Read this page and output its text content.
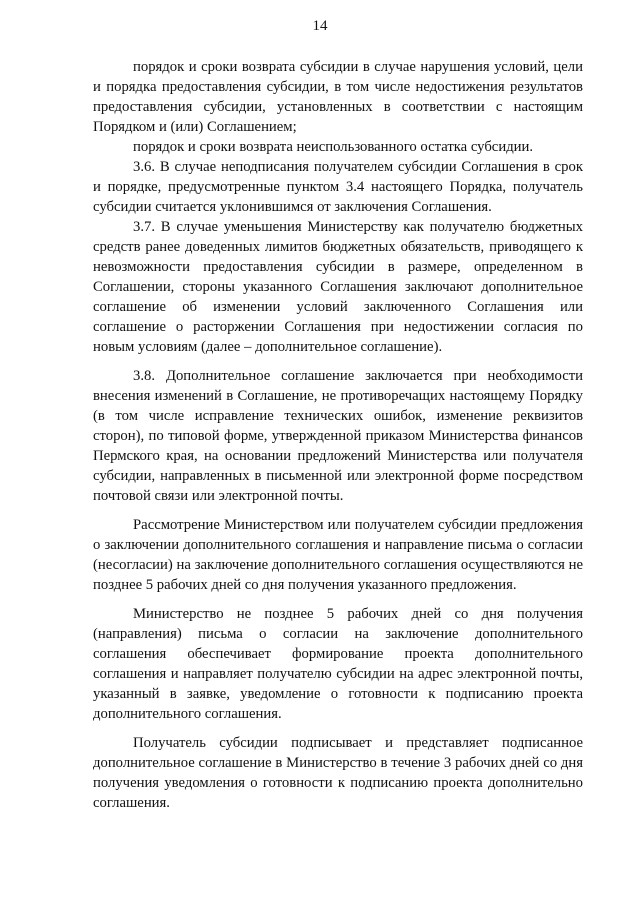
14

порядок и сроки возврата субсидии в случае нарушения условий, цели и порядка предоставления субсидии, в том числе недостижения результатов предоставления субсидии, установленных в соответствии с настоящим Порядком и (или) Соглашением;

порядок и сроки возврата неиспользованного остатка субсидии.

3.6. В случае неподписания получателем субсидии Соглашения в срок и порядке, предусмотренные пунктом 3.4 настоящего Порядка, получатель субсидии считается уклонившимся от заключения Соглашения.

3.7. В случае уменьшения Министерству как получателю бюджетных средств ранее доведенных лимитов бюджетных обязательств, приводящего к невозможности предоставления субсидии в размере, определенном в Соглашении, стороны указанного Соглашения заключают дополнительное соглашение об изменении условий заключенного Соглашения или соглашение о расторжении Соглашения при недостижении согласия по новым условиям (далее – дополнительное соглашение).

3.8. Дополнительное соглашение заключается при необходимости внесения изменений в Соглашение, не противоречащих настоящему Порядку (в том числе исправление технических ошибок, изменение реквизитов сторон), по типовой форме, утвержденной приказом Министерства финансов Пермского края, на основании предложений Министерства или получателя субсидии, направленных в письменной или электронной форме посредством почтовой связи или электронной почты.

Рассмотрение Министерством или получателем субсидии предложения о заключении дополнительного соглашения и направление письма о согласии (несогласии) на заключение дополнительного соглашения осуществляются не позднее 5 рабочих дней со дня получения указанного предложения.

Министерство не позднее 5 рабочих дней со дня получения (направления) письма о согласии на заключение дополнительного соглашения обеспечивает формирование проекта дополнительного соглашения и направляет получателю субсидии на адрес электронной почты, указанный в заявке, уведомление о готовности к подписанию проекта дополнительного соглашения.

Получатель субсидии подписывает и представляет подписанное дополнительное соглашение в Министерство в течение 3 рабочих дней со дня получения уведомления о готовности к подписанию проекта дополнительно соглашения.
